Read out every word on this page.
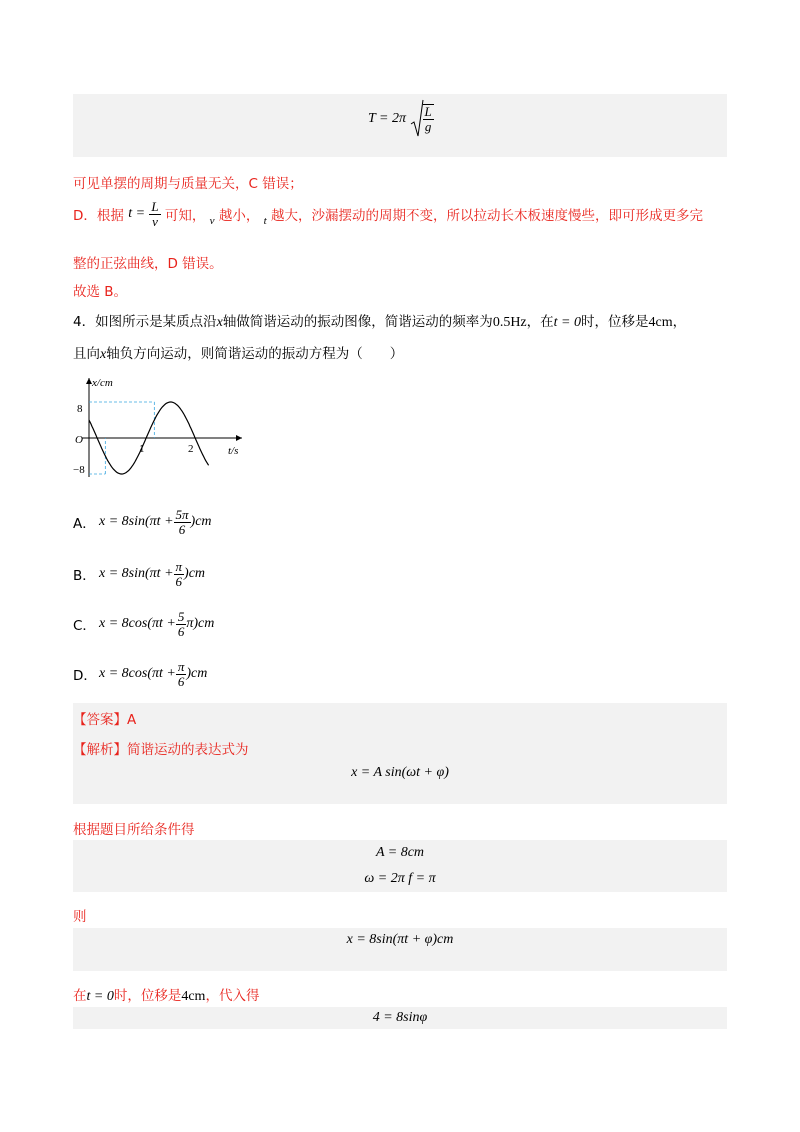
$T = 2\pi \frac{L}{g}$
可见单摆的周期与质量无关，C 错误；
D．根据 $t = \frac{L}{v}$ 可知， $_v$ 越小， $_t$ 越大，沙漏摆动的周期不变，所以拉动长木板速度慢些，即可形成更多完
整的正弦曲线，D 错误。
故选 B。
4．如图所示是某质点沿x轴做简谐运动的振动图像，简谐运动的频率为0.5Hz，在t = 0时，位移是4cm，
且向x轴负方向运动，则简谐运动的振动方程为（　　）
x/cm
t/s
O
8
−8
1	2
A． $x = 8\sin(\pi t + \frac{5\pi}{6} )cm$
B． $x = 8\sin(\pi t + \frac{\pi}{6} )cm$
C． $x = 8\cos(\pi t + \frac{5}{6} \pi)cm$
D． $x = 8\cos(\pi t + \frac{\pi}{6} )cm$
【答案】A
【解析】简谐运动的表达式为
x = A sin(ωt + φ)
根据题目所给条件得
A = 8cm
ω = 2π f = π
则
x = 8sin(πt + φ)cm
在t = 0时，位移是4cm，代入得
4 = 8sinφ
